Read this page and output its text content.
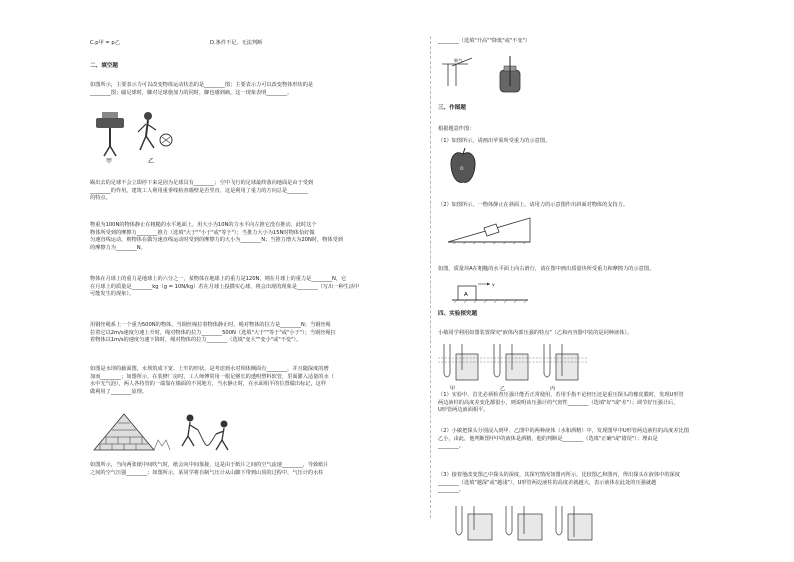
C.p甲 = p乙	D.条件不足，无法判断
二、填空题
如图所示，主要表示力可以改变物体运动状态的是________图；主要表示力可以改变物体形状的是
________图；磁足球时，脚对足球施加力的同时，脚也感到痛，这一现象表明________。
甲	乙
踢出去的足球不会立即停下来是因为足球具有________；空中飞行的足球最终落向地面是由于受到
________的作用。建筑工人利用重垂线检查墙壁是否竖直，这是利用了重力的方向总是________
的特点。
物重为100N的物体静止在粗糙的水平地面上，用大小为10N的力水平向左推它没有推动，此时这个
物体所受到的摩擦力________推力（选填"大于""小于"或"等于"）；当推力大小为15N时物体恰好做
匀速直线运动，则物体在做匀速直线运动时受到的摩擦力的大小为________N；当推力增大为20N时，物体受到
的摩擦力为________N。
物体在月球上的重力是地球上的六分之一，某物体在地球上的重力是120N，则在月球上的重力是________N，它
在月球上的质量是________kg（g = 10N/kg）若在月球上投掷实心球，将会出现的现象是________（写出一种生活中
可能发生的现象）。
用钢丝绳系上一个重为500N的物体，当钢丝绳拉着物体静止时，绳对物体的拉力是________N；当钢丝绳
拉着它以2m/s速度匀速上升时，绳对物体的拉力________500N（选填"大于""等于"或"小于"）；当钢丝绳拉
着物体以1m/s的速度匀速下降时，绳对物体的拉力________（选填"变大""变小"或"不变"）。
如图是水坝的截面图，水坝筑成下宽、上窄的形状，是考虑到水对坝体侧面有________，并且随深度的增
加而________；如图所示，在装修厂房时，工人师傅常用一根足够长的透明塑料软管，里面灌入适量的水（
水中无气泡），两人各持管的一端靠在墙面的不同地方，当水静止时，在水面相平的位置做出标记，这样
做利用了________原理。
如图所示，当向两张纸中间吹气时，纸会向中间靠拢，这是由于纸片之间的空气流速________，导致纸片
之间的空气压强________；如图所示，某同学将自制气压计从山脚下带到山顶的过程中，气压计的水柱
________（选填"升高""降低"或"不变"）
吸气
三、作图题
根据题意作图：
（1）如图所示，请画出苹果所受重力的示意图。
o
（2）如图所示，一物体静止在斜面上，请用力的示意图作出斜面对物体的支持力。
如图，质量块A在粗糙的水平面上向右滑行，请在图中画出质量块所受重力和摩擦力的示意图。
A
v
四、实验探究题
小敏同学利用如图装置探究"液体内部压强的特点"（乙和丙容器中装的是同种液体）。
甲	乙	丙
（1）实验中，首先必须检查压强计能否正常使用，若用手指不论轻压还是重压探头的橡皮膜时，发现U形管
两边液柱的高度差变化都很小，则说明该压强计的气密性________（选填"好"或"差"）；调节好压强计后，
U形管两边液面相平。
（2）小敏把探头分别浸入到甲、乙图中的两种液体（水和酒精）中，发现图甲中U形管两边液柱的高度差比图
乙小，由此，他判断图甲中的液体是酒精，他的判断是________（选填"正确"或"错误"）；理由是
________。
（3）接着他改变图乙中探头的深度，其探究情况如图丙所示，比较图乙和图丙，得出探头在液体中的深度
________（选填"越深"或"越浅"），U形管两边液柱的高度差就越大，表示液体在此处的压强就越
________。
